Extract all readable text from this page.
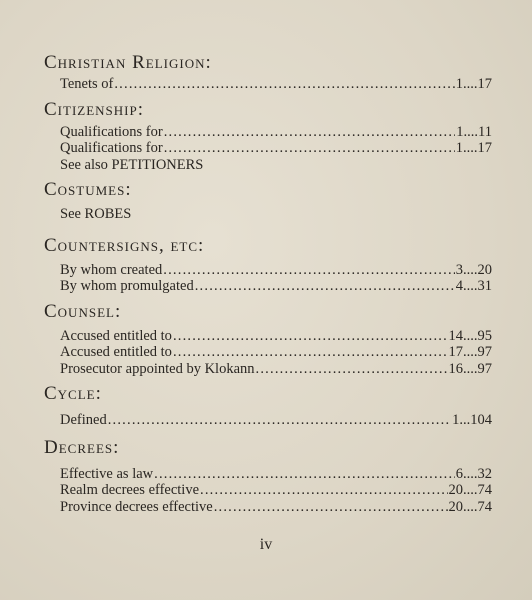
Christian Religion:
Tenets of .....	1....17
Citizenship:
Qualifications for .....	1....11
Qualifications for .....	1....17
See also PETITIONERS
Costumes:
See ROBES
Countersigns, etc:
By whom created .....	3....20
By whom promulgated .....	4....31
Counsel:
Accused entitled to .....	14....95
Accused entitled to .....	17....97
Prosecutor appointed by Klokann .....	16....97
Cycle:
Defined .....	1...104
Decrees:
Effective as law .....	6....32
Realm decrees effective .....	20....74
Province decrees effective .....	20....74
iv
